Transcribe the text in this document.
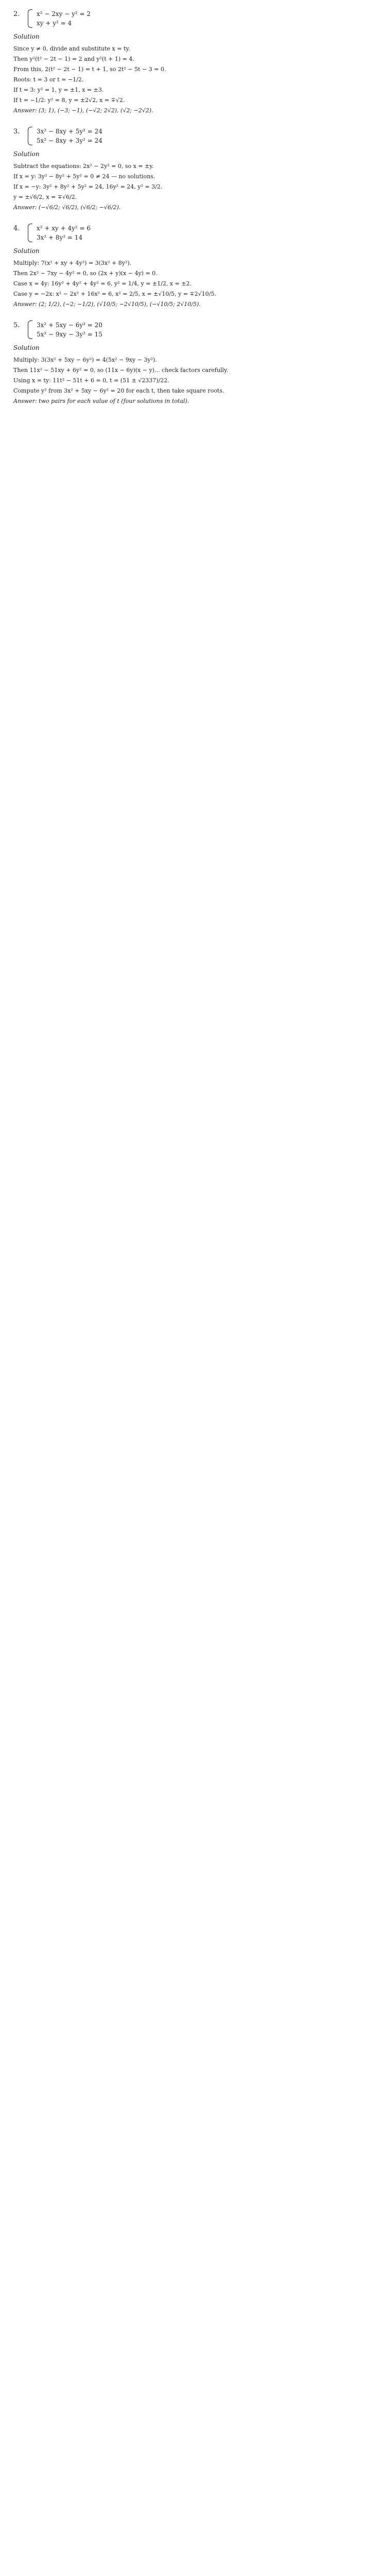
2.	x² − 2xy − y² = 2
xy + y² = 4
Solution
Since y ≠ 0, divide and substitute x = ty.
Then y²(t² − 2t − 1) = 2 and y²(t + 1) = 4.
From this, 2(t² − 2t − 1) = t + 1, so 2t² − 5t − 3 = 0.
Roots: t = 3 or t = −1/2.
If t = 3: y² = 1, y = ±1, x = ±3.
If t = −1/2: y² = 8, y = ±2√2, x = ∓√2.
Answer: (3; 1), (−3; −1), (−√2; 2√2), (√2; −2√2).
3.	3x² − 8xy + 5y² = 24
5x² − 8xy + 3y² = 24
Solution
Subtract the equations: 2x² − 2y² = 0, so x = ±y.
If x = y: 3y² − 8y² + 5y² = 0 ≠ 24 — no solutions.
If x = −y: 3y² + 8y² + 5y² = 24, 16y² = 24, y² = 3/2.
y = ±√6/2, x = ∓√6/2.
Answer: (−√6/2; √6/2), (√6/2; −√6/2).
4.	x² + xy + 4y² = 6
3x² + 8y² = 14
Solution
Multiply: 7(x² + xy + 4y²) = 3(3x² + 8y²).
Then 2x² − 7xy − 4y² = 0, so (2x + y)(x − 4y) = 0.
Case x = 4y: 16y² + 4y² + 4y² = 6, y² = 1/4, y = ±1/2, x = ±2.
Case y = −2x: x² − 2x² + 16x² = 6, x² = 2/5, x = ±√10/5, y = ∓2√10/5.
Answer: (2; 1/2), (−2; −1/2), (√10/5; −2√10/5), (−√10/5; 2√10/5).
5.	3x² + 5xy − 6y² = 20
5x² − 9xy − 3y² = 15
Solution
Multiply: 3(3x² + 5xy − 6y²) = 4(5x² − 9xy − 3y²).
Then 11x² − 51xy + 6y² = 0, so (11x − 6y)(x − y)... check factors carefully.
Using x = ty: 11t² − 51t + 6 = 0, t = (51 ± √2337)/22.
Compute y² from 3x² + 5xy − 6y² = 20 for each t, then take square roots.
Answer: two pairs for each value of t (four solutions in total).
